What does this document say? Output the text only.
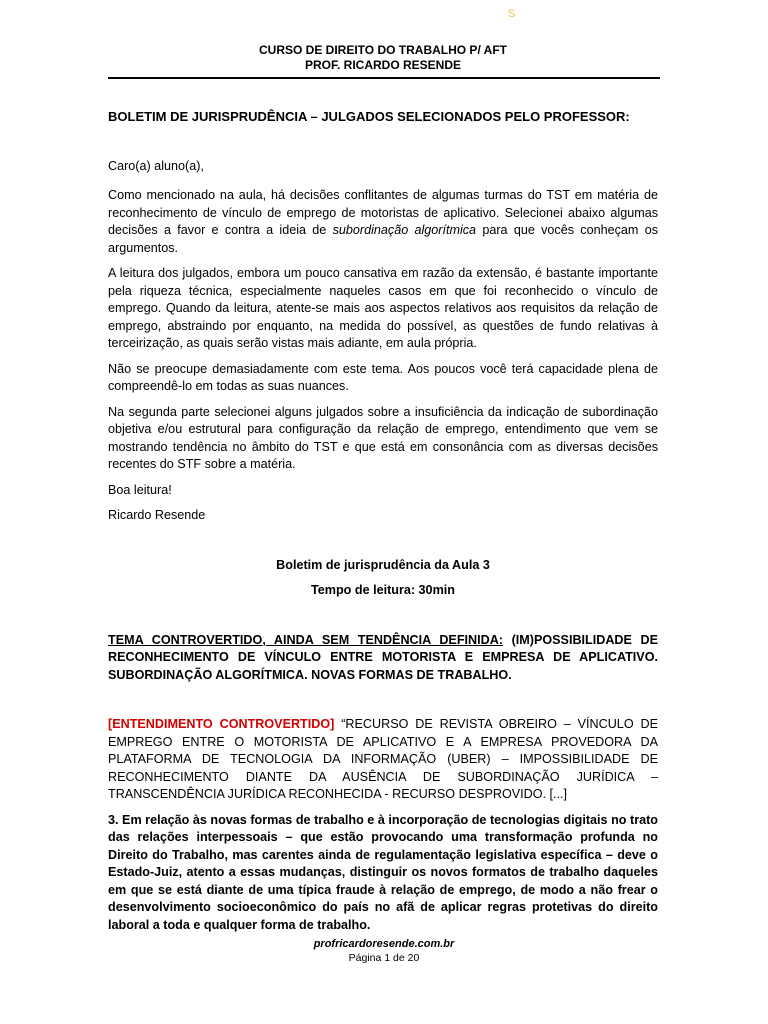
S
CURSO DE DIREITO DO TRABALHO P/ AFT
PROF. RICARDO RESENDE

BOLETIM DE JURISPRUDÊNCIA – JULGADOS SELECIONADOS PELO PROFESSOR:

Caro(a) aluno(a),

Como mencionado na aula, há decisões conflitantes de algumas turmas do TST em matéria de reconhecimento de vínculo de emprego de motoristas de aplicativo. Selecionei abaixo algumas decisões a favor e contra a ideia de subordinação algorítmica para que vocês conheçam os argumentos.

A leitura dos julgados, embora um pouco cansativa em razão da extensão, é bastante importante pela riqueza técnica, especialmente naqueles casos em que foi reconhecido o vínculo de emprego. Quando da leitura, atente-se mais aos aspectos relativos aos requisitos da relação de emprego, abstraindo por enquanto, na medida do possível, as questões de fundo relativas à terceirização, as quais serão vistas mais adiante, em aula própria.

Não se preocupe demasiadamente com este tema. Aos poucos você terá capacidade plena de compreendê-lo em todas as suas nuances.

Na segunda parte selecionei alguns julgados sobre a insuficiência da indicação de subordinação objetiva e/ou estrutural para configuração da relação de emprego, entendimento que vem se mostrando tendência no âmbito do TST e que está em consonância com as diversas decisões recentes do STF sobre a matéria.

Boa leitura!

Ricardo Resende

Boletim de jurisprudência da Aula 3

Tempo de leitura: 30min

TEMA CONTROVERTIDO, AINDA SEM TENDÊNCIA DEFINIDA: (IM)POSSIBILIDADE DE RECONHECIMENTO DE VÍNCULO ENTRE MOTORISTA E EMPRESA DE APLICATIVO. SUBORDINAÇÃO ALGORÍTMICA. NOVAS FORMAS DE TRABALHO.

[ENTENDIMENTO CONTROVERTIDO] “RECURSO DE REVISTA OBREIRO – VÍNCULO DE EMPREGO ENTRE O MOTORISTA DE APLICATIVO E A EMPRESA PROVEDORA DA PLATAFORMA DE TECNOLOGIA DA INFORMAÇÃO (UBER) – IMPOSSIBILIDADE DE RECONHECIMENTO DIANTE DA AUSÊNCIA DE SUBORDINAÇÃO JURÍDICA – TRANSCENDÊNCIA JURÍDICA RECONHECIDA - RECURSO DESPROVIDO. [...]

3. Em relação às novas formas de trabalho e à incorporação de tecnologias digitais no trato das relações interpessoais – que estão provocando uma transformação profunda no Direito do Trabalho, mas carentes ainda de regulamentação legislativa específica – deve o Estado-Juiz, atento a essas mudanças, distinguir os novos formatos de trabalho daqueles em que se está diante de uma típica fraude à relação de emprego, de modo a não frear o desenvolvimento socioeconômico do país no afã de aplicar regras protetivas do direito laboral a toda e qualquer forma de trabalho.

profricardoresende.com.br
Página 1 de 20
